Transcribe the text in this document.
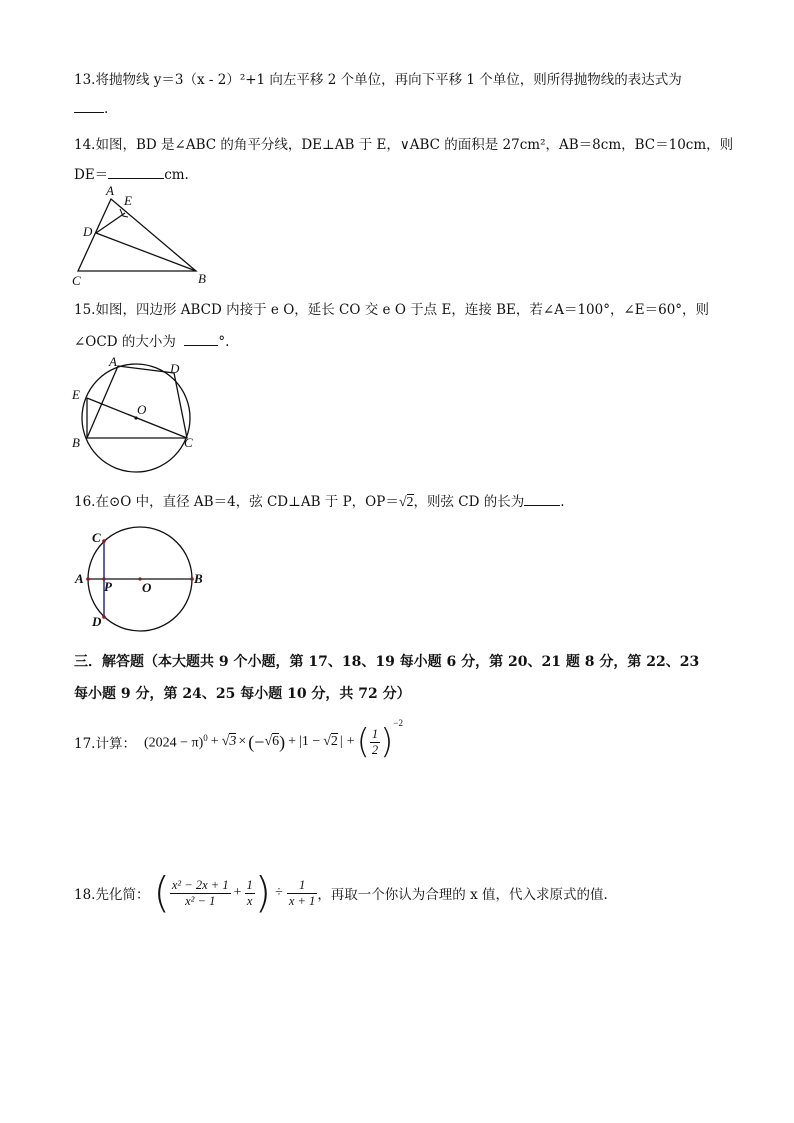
13.将抛物线 y＝3（x - 2）²+1 向左平移 2 个单位，再向下平移 1 个单位，则所得抛物线的表达式为
.
14.如图，BD 是∠ABC 的角平分线，DE⊥AB 于 E，∨ABC 的面积是 27cm²，AB＝8cm，BC＝10cm，则
DE＝	cm.
A
E
D
C	B
15.如图，四边形 ABCD 内接于 e O，延长 CO 交 e O 于点 E，连接 BE，若∠A＝100°，∠E＝60°，则
∠OCD 的大小为	°.
A	D
E
O
B	C
16.在⊙O 中，直径 AB＝4，弦 CD⊥AB 于 P，OP＝√2，则弦 CD 的长为	.
C
A
P O
B
D
三．解答题（本大题共 9 个小题，第 17、18、19 每小题 6 分，第 20、21 题 8 分，第 22、23
每小题 9 分，第 24、25 每小题 10 分，共 72 分）
17.计算： $(2024 - \pi)^0 + √3$ × (− √6 ) + |1 − √2 | + ( $\frac{1}{2} )^{-2}$
18.先化简： ( $\frac{\text{x² − 2x + 1}}{\text{x² − 1}} + \frac{1}{x}$ ) ÷ $\frac{1}{x + 1}$ ，再取一个你认为合理的 x 值，代入求原式的值.
